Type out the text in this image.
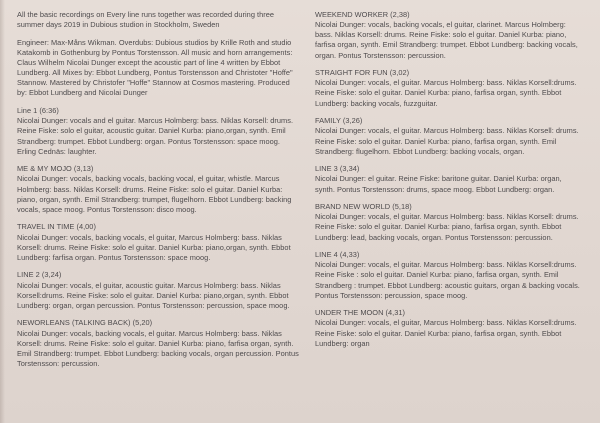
All the basic recordings on Every line runs together was recorded during three summer days 2019 in Dubious studion in Stockholm, Sweden
Engineer: Max-Måns Wikman. Overdubs: Dubious studios by Krille Roth and studio Katakomb in Gothenburg by Pontus Torstensson. All music and horn arrangements: Claus Wilhelm Nicolai Dunger except the acoustic part of line 4 written by Ebbot Lundberg. All Mixes by: Ebbot Lundberg, Pontus Torstensson and Christoter "Hoffe" Stannow. Mastered by Christofer "Hoffe" Stannow at Cosmos mastering. Produced by: Ebbot Lundberg and Nicolai Dunger
Line 1 (6:36)
Nicolai Dunger: vocals and el guitar. Marcus Holmberg: bass. Niklas Korsell: drums. Reine Fiske: solo el guitar, acoustic guitar. Daniel Kurba: piano,organ, synth. Emil Strandberg: trumpet. Ebbot Lundberg: organ. Pontus Torstensson: space moog. Erling Cednäs: laughter.
ME & MY MOJO (3,13)
Nicolai Dunger: vocals, backing vocals, backing vocal, el guitar, whistle. Marcus Holmberg: bass. Niklas Korsell: drums. Reine Fiske: solo el guitar. Daniel Kurba: piano, organ, synth. Emil Strandberg: trumpet, flugelhorn. Ebbot Lundberg: backing vocals, space moog. Pontus Torstensson: disco moog.
TRAVEL IN TIME (4,00)
Nicolai Dunger: vocals, backing vocals, el guitar, Marcus Holmberg: bass. Niklas Korsell: drums. Reine Fiske: solo el guitar. Daniel Kurba: piano,organ, synth. Ebbot Lundberg: farfisa organ. Pontus Torstensson: space moog.
LINE 2 (3,24)
Nicolai Dunger: vocals, el guitar, acoustic guitar. Marcus Holmberg: bass. Niklas Korsell:drums. Reine Fiske: solo el guitar. Daniel Kurba: piano,organ, synth. Ebbot Lundberg: organ, organ percussion. Pontus Torstensson: percussion, space moog.
NEWORLEANS (TALKING BACK) (5,20)
Nicolai Dunger: vocals, backing vocals, el guitar. Marcus Holmberg: bass. Niklas Korsell: drums. Reine Fiske: solo el guitar. Daniel Kurba: piano, farfisa organ, synth. Emil Strandberg: trumpet. Ebbot Lundberg: backing vocals, organ percussion. Pontus Torstensson: percussion.
WEEKEND WORKER (2,38)
Nicolai Dunger: vocals, backing vocals, el guitar, clarinet. Marcus Holmberg: bass. Niklas Korsell: drums. Reine Fiske: solo el guitar. Daniel Kurba: piano, farfisa organ, synth. Emil Strandberg: trumpet. Ebbot Lundberg: backing vocals, organ. Pontus Torstensson: percussion.
STRAIGHT FOR FUN (3,02)
Nicolai Dunger: vocals, el guitar. Marcus Holmberg: bass. Niklas Korsell:drums. Reine Fiske: solo el guitar. Daniel Kurba: piano, farfisa organ, synth. Ebbot Lundberg: backing vocals, fuzzguitar.
FAMILY (3,26)
Nicolai Dunger: vocals, el guitar. Marcus Holmberg: bass. Niklas Korsell: drums. Reine Fiske: solo el guitar. Daniel Kurba: piano, farfisa organ, synth. Emil Strandberg: flugelhorn. Ebbot Lundberg: backing vocals, organ.
LINE 3 (3,34)
Nicolai Dunger: el guitar. Reine Fiske: baritone guitar. Daniel Kurba: organ, synth. Pontus Torstensson: drums, space moog. Ebbot Lundberg: organ.
BRAND NEW WORLD (5,18)
Nicolai Dunger: vocals, el guitar. Marcus Holmberg: bass. Niklas Korsell: drums. Reine Fiske: solo el guitar. Daniel Kurba: piano, farfisa organ, synth. Ebbot Lundberg: lead, backing vocals, organ. Pontus Torstensson: percussion.
LINE 4 (4,33)
Nicolai Dunger: vocals, el guitar. Marcus Holmberg: bass. Niklas Korsell:drums. Reine Fiske : solo el guitar. Daniel Kurba: piano, farfisa organ, synth. Emil Strandberg : trumpet. Ebbot Lundberg: acoustic guitars, organ & backing vocals. Pontus Torstensson: percussion, space moog.
UNDER THE MOON (4,31)
Nicolai Dunger: vocals, el guitar, Marcus Holmberg: bass. Niklas Korsell:drums. Reine Fiske: solo el guitar. Daniel Kurba: piano, farfisa organ, synth. Ebbot Lundberg: organ
